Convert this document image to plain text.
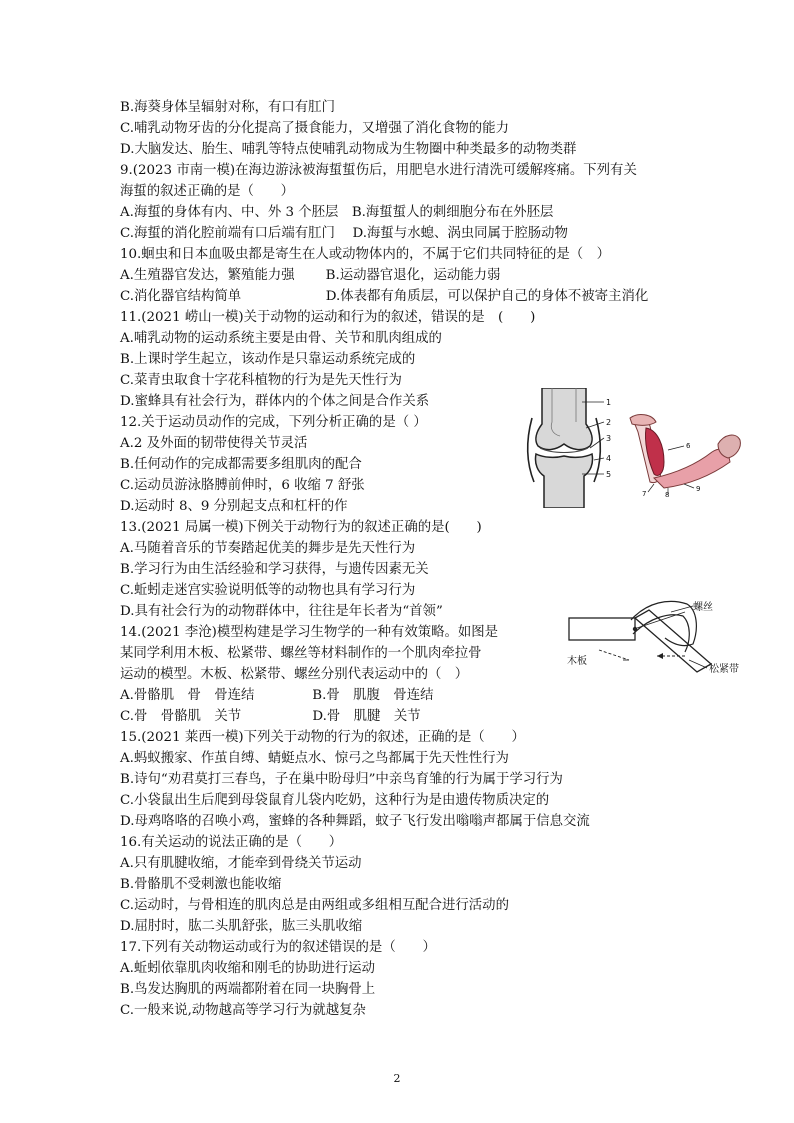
B.海葵身体呈辐射对称，有口有肛门
C.哺乳动物牙齿的分化提高了摄食能力，又增强了消化食物的能力
D.大脑发达、胎生、哺乳等特点使哺乳动物成为生物圈中种类最多的动物类群
9.(2023 市南一模)在海边游泳被海蜇蜇伤后，用肥皂水进行清洗可缓解疼痛。下列有关
海蜇的叙述正确的是（　　）
A.海蜇的身体有内、中、外 3 个胚层　B.海蜇蜇人的刺细胞分布在外胚层
C.海蜇的消化腔前端有口后端有肛门　 D.海蜇与水螅、涡虫同属于腔肠动物
10.蛔虫和日本血吸虫都是寄生在人或动物体内的，不属于它们共同特征的是（　）
A.生殖器官发达，繁殖能力强　　 B.运动器官退化，运动能力弱
C.消化器官结构简单　　　　　　 D.体表都有角质层，可以保护自己的身体不被寄主消化
11.(2021 崂山一模)关于动物的运动和行为的叙述，错误的是　(　　)
A.哺乳动物的运动系统主要是由骨、关节和肌肉组成的
B.上课时学生起立，该动作是只靠运动系统完成的
C.菜青虫取食十字花科植物的行为是先天性行为
D.蜜蜂具有社会行为，群体内的个体之间是合作关系
12.关于运动员动作的完成，下列分析正确的是（ ）
A.2 及外面的韧带使得关节灵活
B.任何动作的完成都需要多组肌肉的配合
C.运动员游泳胳膊前伸时，6 收缩 7 舒张
D.运动时 8、9 分别起支点和杠杆的作
13.(2021 局属一模)下例关于动物行为的叙述正确的是(　　)
A.马随着音乐的节奏踏起优美的舞步是先天性行为
B.学习行为由生活经验和学习获得，与遗传因素无关
C.蚯蚓走迷宫实验说明低等的动物也具有学习行为
D.具有社会行为的动物群体中，往往是年长者为“首领”
14.(2021 李沧)模型构建是学习生物学的一种有效策略。如图是
某同学利用木板、松紧带、螺丝等材料制作的一个肌肉牵拉骨
运动的模型。木板、松紧带、螺丝分别代表运动中的（　）
A.骨骼肌　骨　骨连结　　　　 B.骨　肌腹　骨连结
C.骨　骨骼肌　关节　　　　　 D.骨　肌腱　关节
15.(2021 莱西一模)下列关于动物的行为的叙述，正确的是（　　）
A.蚂蚁搬家、作茧自缚、蜻蜓点水、惊弓之鸟都属于先天性性行为
B.诗句“劝君莫打三春鸟，子在巢中盼母归”中亲鸟育雏的行为属于学习行为
C.小袋鼠出生后爬到母袋鼠育儿袋内吃奶，这种行为是由遗传物质决定的
D.母鸡咯咯的召唤小鸡，蜜蜂的各种舞蹈，蚊子飞行发出嗡嗡声都属于信息交流
16.有关运动的说法正确的是（　　）
A.只有肌腱收缩，才能牵到骨绕关节运动
B.骨骼肌不受刺激也能收缩
C.运动时，与骨相连的肌肉总是由两组或多组相互配合进行活动的
D.屈肘时，肱二头肌舒张，肱三头肌收缩
17.下列有关动物运动或行为的叙述错误的是（　　）
A.蚯蚓依靠肌肉收缩和刚毛的协助进行运动
B.鸟发达胸肌的两端都附着在同一块胸骨上
C.一般来说,动物越高等学习行为就越复杂
1
2
3
4
5
6
7	8
9
螺丝
木板
松紧带
2
